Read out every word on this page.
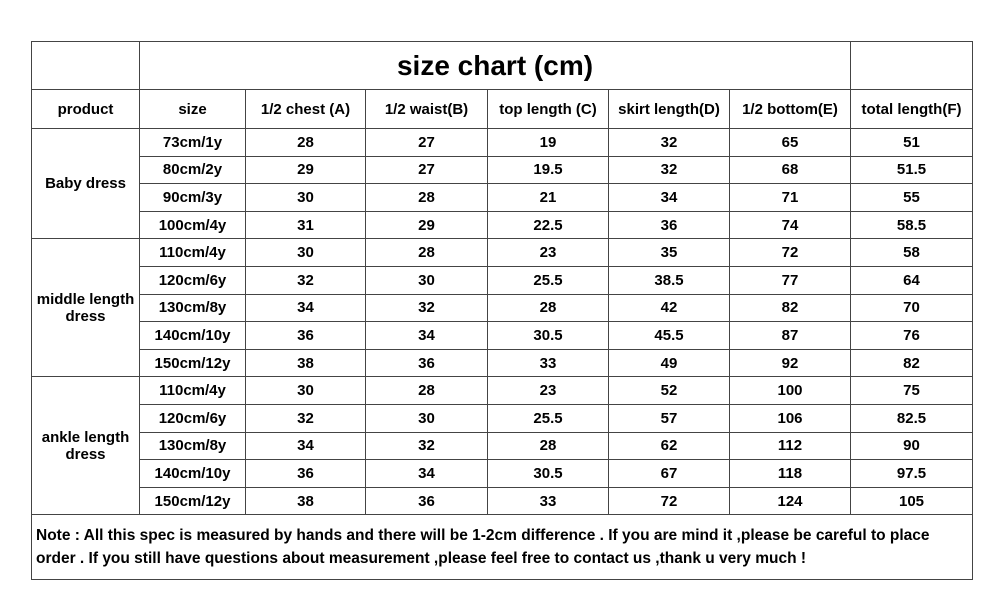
	size chart (cm)						
product	size	1/2 chest (A)	1/2 waist(B)	top length (C)	skirt length(D)	1/2 bottom(E)	total length(F)
Baby dress	73cm/1y	28	27	19	32	65	51
	80cm/2y	29	27	19.5	32	68	51.5
	90cm/3y	30	28	21	34	71	55
	100cm/4y	31	29	22.5	36	74	58.5
middle length dress	110cm/4y	30	28	23	35	72	58
	120cm/6y	32	30	25.5	38.5	77	64
	130cm/8y	34	32	28	42	82	70
	140cm/10y	36	34	30.5	45.5	87	76
	150cm/12y	38	36	33	49	92	82
ankle length dress	110cm/4y	30	28	23	52	100	75
	120cm/6y	32	30	25.5	57	106	82.5
	130cm/8y	34	32	28	62	112	90
	140cm/10y	36	34	30.5	67	118	97.5
	150cm/12y	38	36	33	72	124	105
Note : All this spec is measured by hands and there will be 1-2cm difference . If you are mind it ,please be careful to place order . If you still have questions about measurement ,please feel free to contact us ,thank u very much !							
